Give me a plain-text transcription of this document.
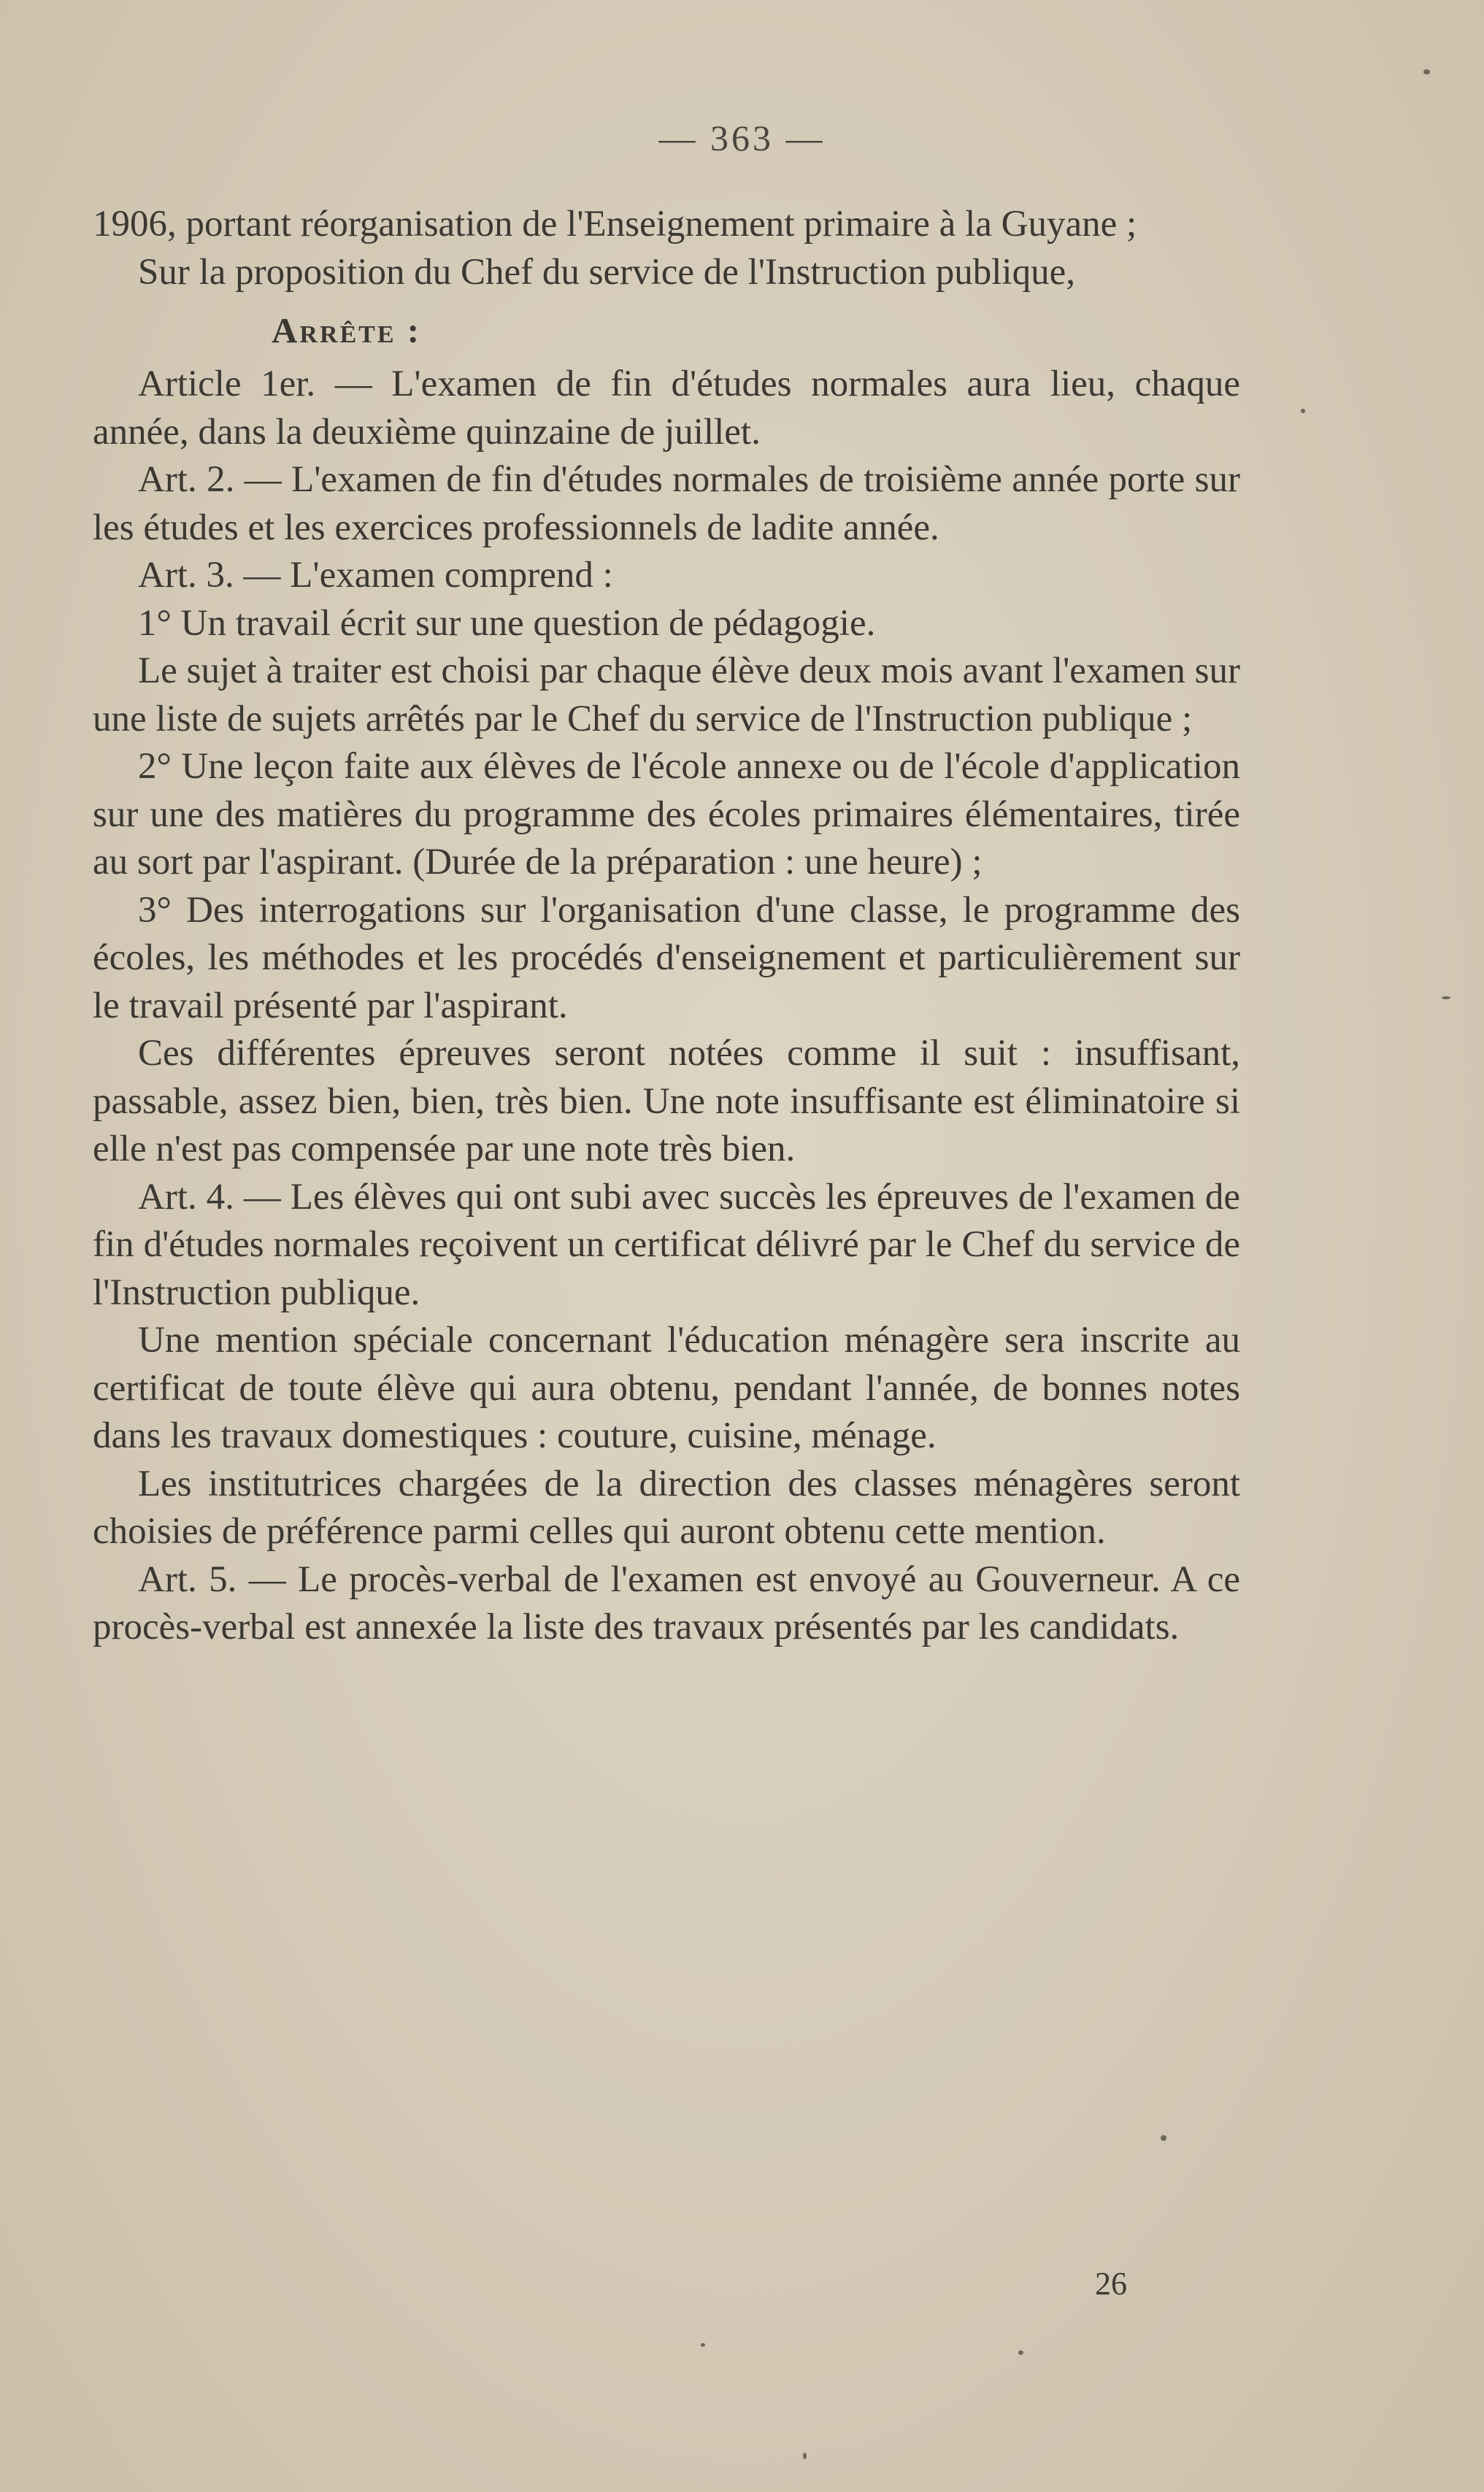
— 363 —

1906, portant réorganisation de l'Enseignement primaire à la Guyane ;

Sur la proposition du Chef du service de l'Instruction publique,

Arrête :

Article 1er. — L'examen de fin d'études normales aura lieu, chaque année, dans la deuxième quinzaine de juillet.

Art. 2. — L'examen de fin d'études normales de troisième année porte sur les études et les exercices professionnels de ladite année.

Art. 3. — L'examen comprend :

1° Un travail écrit sur une question de pédagogie.

Le sujet à traiter est choisi par chaque élève deux mois avant l'examen sur une liste de sujets arrêtés par le Chef du service de l'Instruction publique ;

2° Une leçon faite aux élèves de l'école annexe ou de l'école d'application sur une des matières du programme des écoles primaires élémentaires, tirée au sort par l'aspirant. (Durée de la préparation : une heure) ;

3° Des interrogations sur l'organisation d'une classe, le programme des écoles, les méthodes et les procédés d'enseignement et particulièrement sur le travail présenté par l'aspirant.

Ces différentes épreuves seront notées comme il suit : insuffisant, passable, assez bien, bien, très bien. Une note insuffisante est éliminatoire si elle n'est pas compensée par une note très bien.

Art. 4. — Les élèves qui ont subi avec succès les épreuves de l'examen de fin d'études normales reçoivent un certificat délivré par le Chef du service de l'Instruction publique.

Une mention spéciale concernant l'éducation ménagère sera inscrite au certificat de toute élève qui aura obtenu, pendant l'année, de bonnes notes dans les travaux domestiques : couture, cuisine, ménage.

Les institutrices chargées de la direction des classes ménagères seront choisies de préférence parmi celles qui auront obtenu cette mention.

Art. 5. — Le procès-verbal de l'examen est envoyé au Gouverneur. A ce procès-verbal est annexée la liste des travaux présentés par les candidats.

26
